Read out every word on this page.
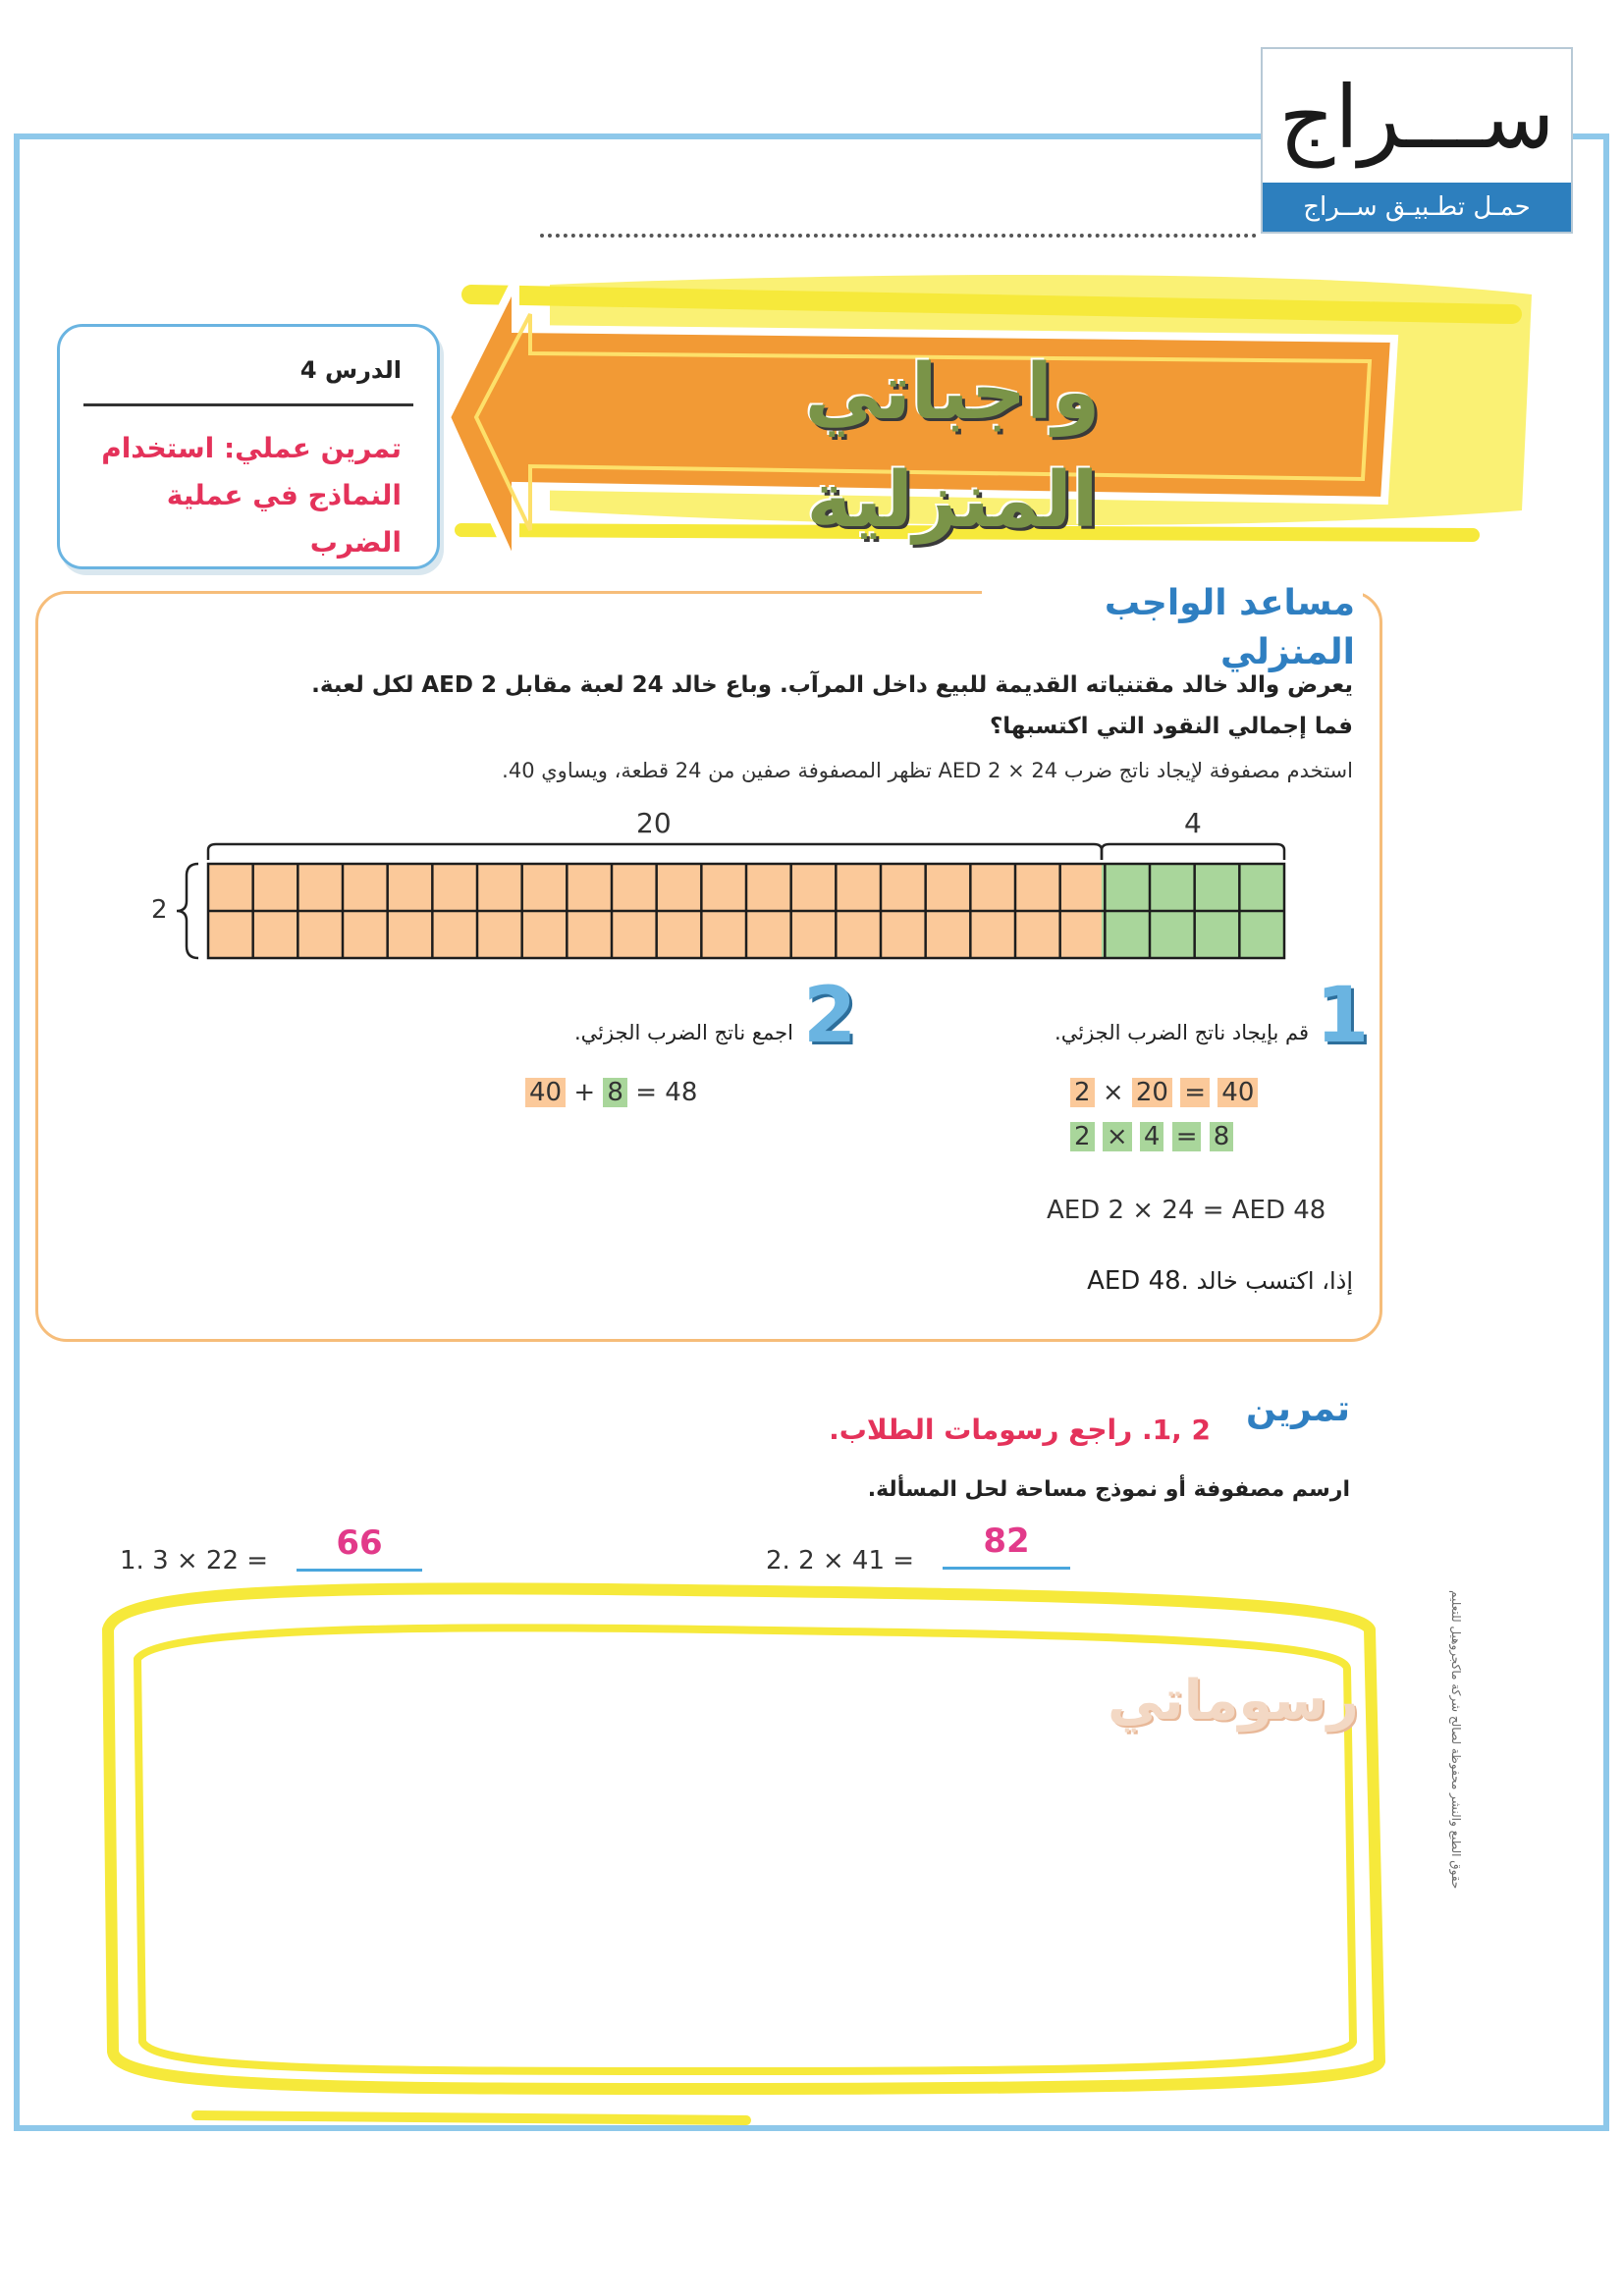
ســـراج
حمـل تطـبيـق ســراج
واجباتي المنزلية
الدرس 4
تمرين عملي: استخدام
النماذج في عملية الضرب
مساعد الواجب المنزلي
يعرض والد خالد مقتنياته القديمة للبيع داخل المرآب. وباع خالد 24 لعبة مقابل AED 2 لكل لعبة.
فما إجمالي النقود التي اكتسبها؟
استخدم مصفوفة لإيجاد ناتج ضرب 24 × AED 2 تظهر المصفوفة صفين من 24 قطعة، ويساوي 40.
20	4
2
1
قم بإيجاد ناتج الضرب الجزئي.
2 × 20 = 40
2 × 4 = 8
2
اجمع ناتج الضرب الجزئي.
40 + 8 = 48
AED 2 × 24 = AED 48
إذا، اكتسب خالد AED 48.
تمرين
2 ,1. راجع رسومات الطلاب.
ارسم مصفوفة أو نموذج مساحة لحل المسألة.
1. 3 × 22 =	66	2. 2 × 41 =	82
رسوماتي	حقوق الطبع والنشر محفوظة لصالح شركة ماكجروهيل للتعليم
